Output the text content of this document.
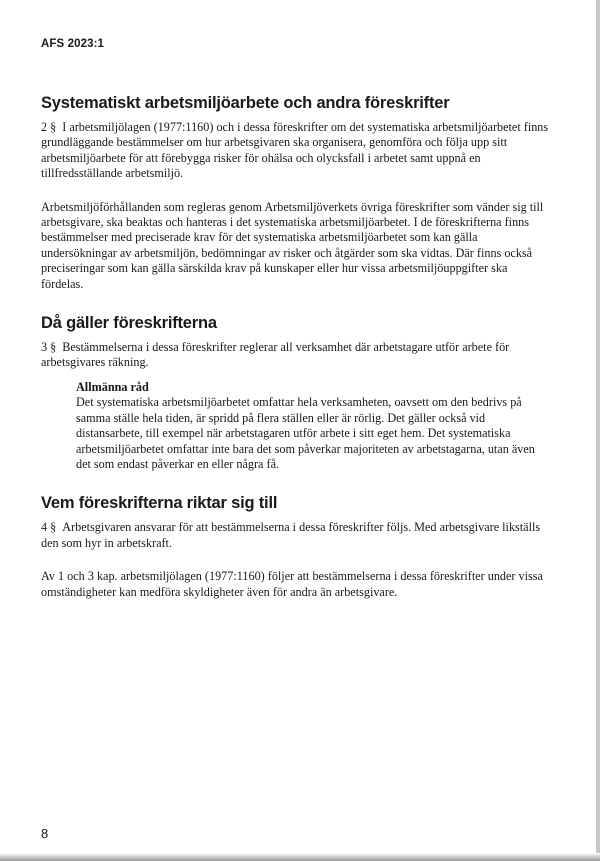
AFS 2023:1
Systematiskt arbetsmiljöarbete och andra föreskrifter

2 § I arbetsmiljölagen (1977:1160) och i dessa föreskrifter om det systematiska arbetsmiljöarbetet finns grundläggande bestämmelser om hur arbetsgivaren ska organisera, genomföra och följa upp sitt arbetsmiljöarbete för att förebygga risker för ohälsa och olycksfall i arbetet samt uppnå en tillfredsställande arbetsmiljö.

Arbetsmiljöförhållanden som regleras genom Arbetsmiljöverkets övriga föreskrifter som vänder sig till arbetsgivare, ska beaktas och hanteras i det systematiska arbetsmiljöarbetet. I de föreskrifterna finns bestämmelser med preciserade krav för det systematiska arbetsmiljöarbetet som kan gälla undersökningar av arbetsmiljön, bedömningar av risker och åtgärder som ska vidtas. Där finns också preciseringar som kan gälla särskilda krav på kunskaper eller hur vissa arbetsmiljöuppgifter ska fördelas.

Då gäller föreskrifterna

3 § Bestämmelserna i dessa föreskrifter reglerar all verksamhet där arbetstagare utför arbete för arbetsgivares räkning.

Allmänna råd

Det systematiska arbetsmiljöarbetet omfattar hela verksamheten, oavsett om den bedrivs på samma ställe hela tiden, är spridd på flera ställen eller är rörlig. Det gäller också vid distansarbete, till exempel när arbetstagaren utför arbete i sitt eget hem. Det systematiska arbetsmiljöarbetet omfattar inte bara det som påverkar majoriteten av arbetstagarna, utan även det som endast påverkar en eller några få.

Vem föreskrifterna riktar sig till

4 § Arbetsgivaren ansvarar för att bestämmelserna i dessa föreskrifter följs. Med arbetsgivare likställs den som hyr in arbetskraft.

Av 1 och 3 kap. arbetsmiljölagen (1977:1160) följer att bestämmelserna i dessa föreskrifter under vissa omständigheter kan medföra skyldigheter även för andra än arbetsgivare.

8
